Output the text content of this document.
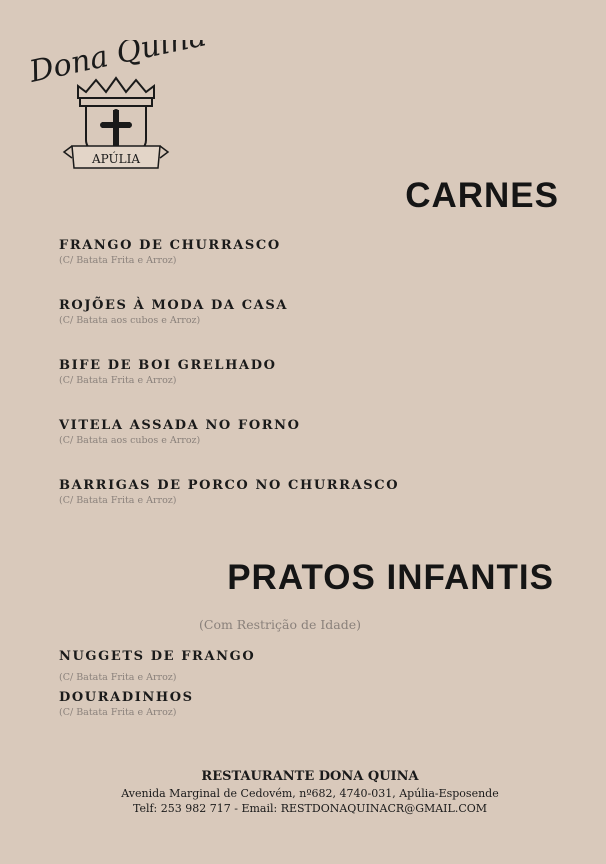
Dona Quina
APÚLIA
CARNES
FRANGO DE CHURRASCO
(C/ Batata Frita e Arroz)
ROJÕES À MODA DA CASA
(C/ Batata aos cubos e Arroz)
BIFE DE BOI GRELHADO
(C/ Batata Frita e Arroz)
VITELA ASSADA NO FORNO
(C/ Batata aos cubos e Arroz)
BARRIGAS DE PORCO NO CHURRASCO
(C/ Batata Frita e Arroz)
PRATOS INFANTIS
(Com Restrição de Idade)
NUGGETS DE FRANGO
(C/ Batata Frita e Arroz)
DOURADINHOS
(C/ Batata Frita e Arroz)
RESTAURANTE DONA QUINA
Avenida Marginal de Cedovém, nº682, 4740-031, Apúlia-Esposende
Telf: 253 982 717 - Email: RESTDONAQUINACR@GMAIL.COM
